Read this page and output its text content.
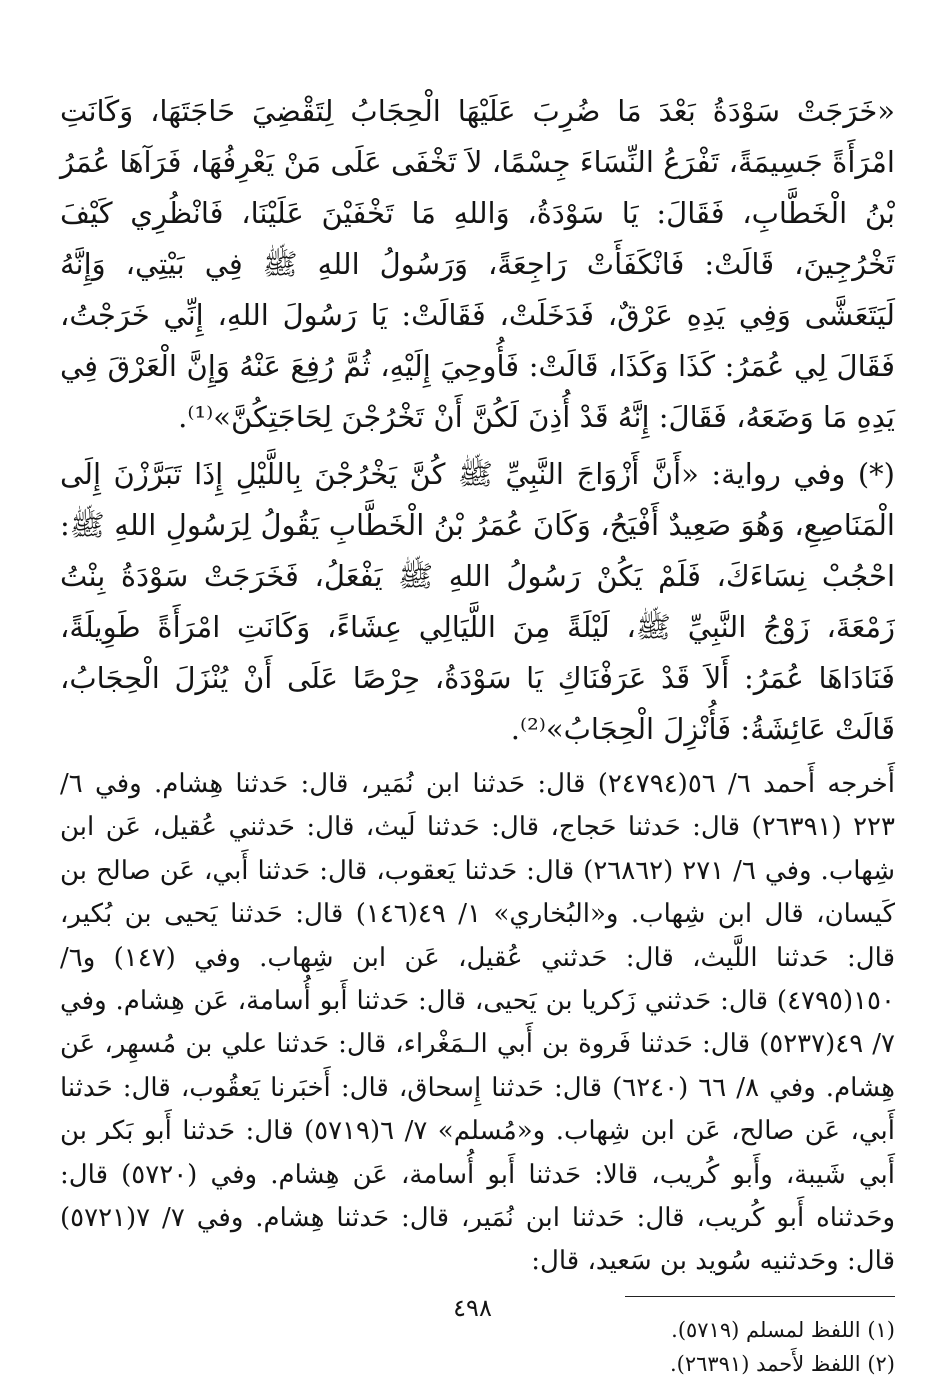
«خَرَجَتْ سَوْدَةُ بَعْدَ مَا ضُرِبَ عَلَيْهَا الْحِجَابُ لِتَقْضِيَ حَاجَتَهَا، وَكَانَتِ امْرَأَةً جَسِيمَةً، تَفْرَعُ النِّسَاءَ جِسْمًا، لاَ تَخْفَى عَلَى مَنْ يَعْرِفُهَا، فَرَآهَا عُمَرُ بْنُ الْخَطَّابِ، فَقَالَ: يَا سَوْدَةُ، وَاللهِ مَا تَخْفَيْنَ عَلَيْنَا، فَانْظُرِي كَيْفَ تَخْرُجِينَ، قَالَتْ: فَانْكَفَأَتْ رَاجِعَةً، وَرَسُولُ اللهِ ﷺ فِي بَيْتِي، وَإِنَّهُ لَيَتَعَشَّى وَفِي يَدِهِ عَرْقٌ، فَدَخَلَتْ، فَقَالَتْ: يَا رَسُولَ اللهِ، إِنِّي خَرَجْتُ، فَقَالَ لِي عُمَرُ: كَذَا وَكَذَا، قَالَتْ: فَأُوحِيَ إِلَيْهِ، ثُمَّ رُفِعَ عَنْهُ وَإِنَّ الْعَرْقَ فِي يَدِهِ مَا وَضَعَهُ، فَقَالَ: إِنَّهُ قَدْ أُذِنَ لَكُنَّ أَنْ تَخْرُجْنَ لِحَاجَتِكُنَّ»⁽¹⁾.

(*) وفي رواية: «أَنَّ أَزْوَاجَ النَّبِيِّ ﷺ كُنَّ يَخْرُجْنَ بِاللَّيْلِ إِذَا تَبَرَّزْنَ إِلَى الْمَنَاصِعِ، وَهُوَ صَعِيدٌ أَفْيَحُ، وَكَانَ عُمَرُ بْنُ الْخَطَّابِ يَقُولُ لِرَسُولِ اللهِ ﷺ: احْجُبْ نِسَاءَكَ، فَلَمْ يَكُنْ رَسُولُ اللهِ ﷺ يَفْعَلُ، فَخَرَجَتْ سَوْدَةُ بِنْتُ زَمْعَةَ، زَوْجُ النَّبِيِّ ﷺ، لَيْلَةً مِنَ اللَّيَالِي عِشَاءً، وَكَانَتِ امْرَأَةً طَوِيلَةً، فَنَادَاهَا عُمَرُ: أَلاَ قَدْ عَرَفْنَاكِ يَا سَوْدَةُ، حِرْصًا عَلَى أَنْ يُنْزَلَ الْحِجَابُ، قَالَتْ عَائِشَةُ: فَأُنْزِلَ الْحِجَابُ»⁽²⁾.

أَخرجه أَحمد ٦/ ٥٦(٢٤٧٩٤) قال: حَدثنا ابن نُمَير، قال: حَدثنا هِشام. وفي ٦/ ٢٢٣ (٢٦٣٩١) قال: حَدثنا حَجاج، قال: حَدثنا لَيث، قال: حَدثني عُقيل، عَن ابن شِهاب. وفي ٦/ ٢٧١ (٢٦٨٦٢) قال: حَدثنا يَعقوب، قال: حَدثنا أَبي، عَن صالح بن كَيسان، قال ابن شِهاب. و«البُخاري» ١/ ٤٩(١٤٦) قال: حَدثنا يَحيى بن بُكير، قال: حَدثنا اللَّيث، قال: حَدثني عُقيل، عَن ابن شِهاب. وفي (١٤٧) و٦/ ١٥٠(٤٧٩٥) قال: حَدثني زَكريا بن يَحيى، قال: حَدثنا أَبو أُسامة، عَن هِشام. وفي ٧/ ٤٩(٥٢٣٧) قال: حَدثنا فَروة بن أَبي الـمَغْراء، قال: حَدثنا علي بن مُسهِر، عَن هِشام. وفي ٨/ ٦٦ (٦٢٤٠) قال: حَدثنا إِسحاق، قال: أَخبَرنا يَعقُوب، قال: حَدثنا أَبي، عَن صالح، عَن ابن شِهاب. و«مُسلم» ٧/ ٦(٥٧١٩) قال: حَدثنا أَبو بَكر بن أَبي شَيبة، وأَبو كُريب، قالا: حَدثنا أَبو أُسامة، عَن هِشام. وفي (٥٧٢٠) قال: وحَدثناه أَبو كُريب، قال: حَدثنا ابن نُمَير، قال: حَدثنا هِشام. وفي ٧/ ٧(٥٧٢١) قال: وحَدثنيه سُويد بن سَعيد، قال:

(١) اللفظ لمسلم (٥٧١٩).

(٢) اللفظ لأَحمد (٢٦٣٩١).

٤٩٨
